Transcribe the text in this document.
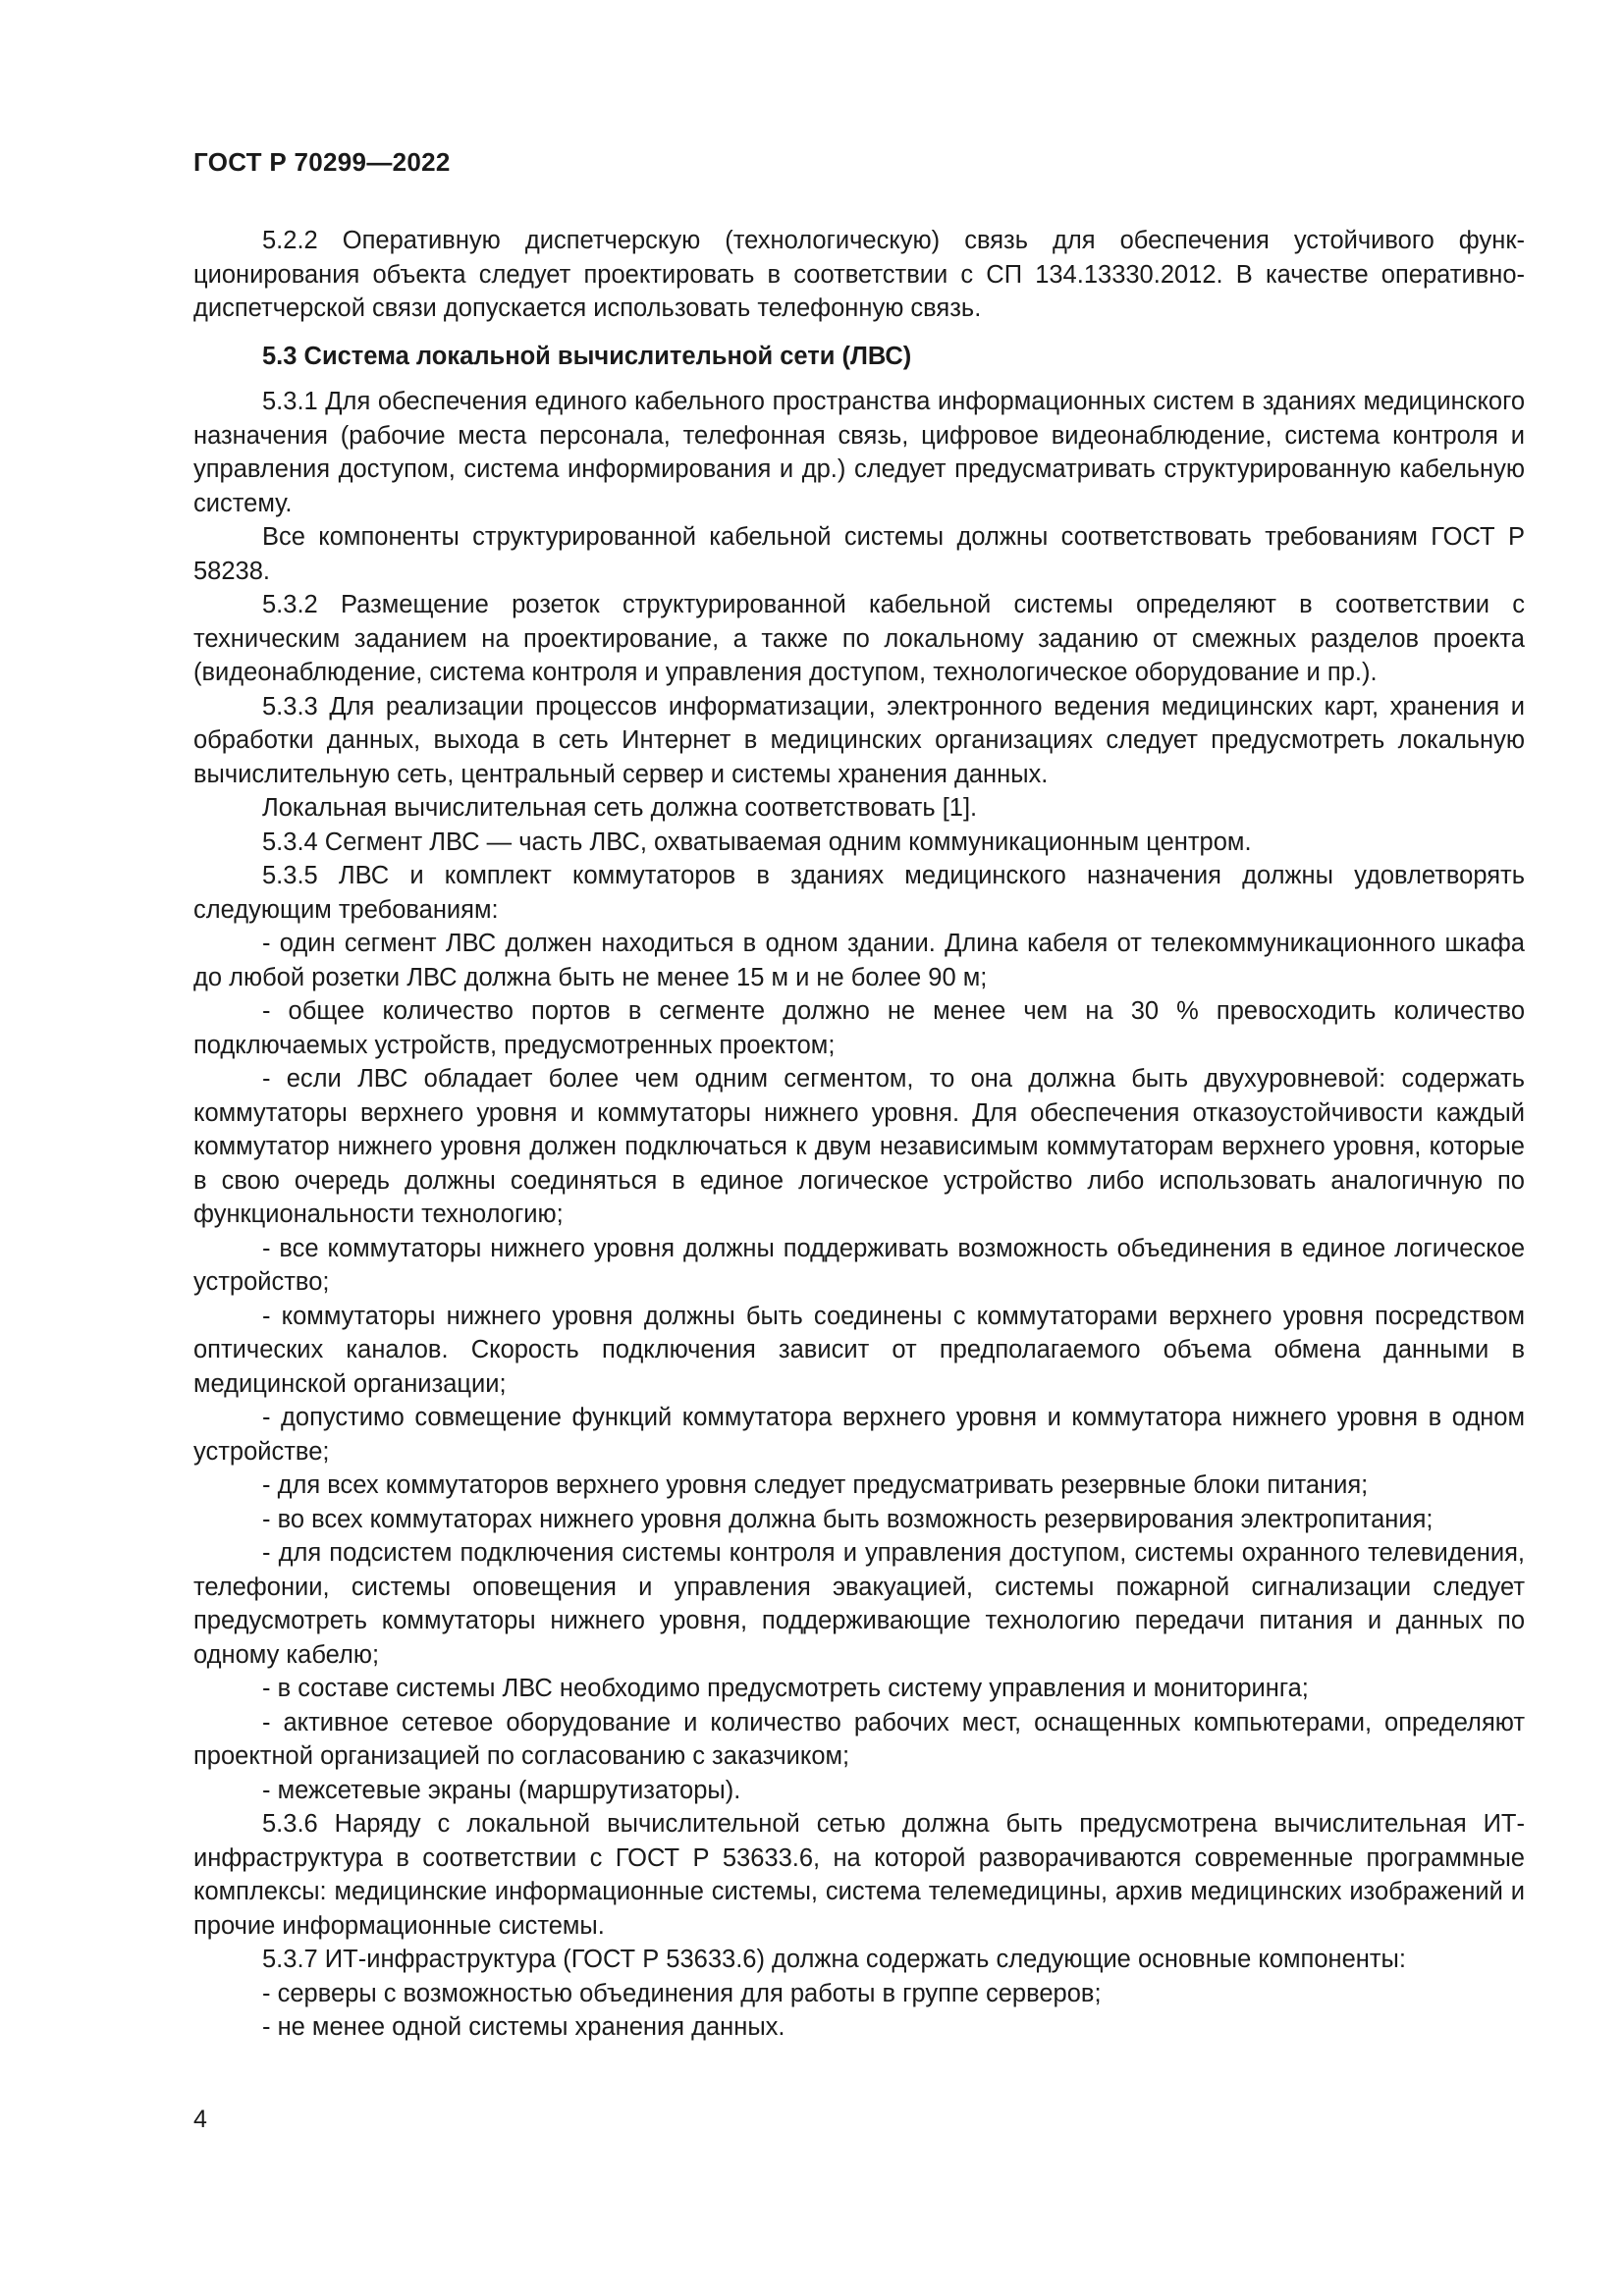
ГОСТ Р 70299—2022

5.2.2 Оперативную диспетчерскую (технологическую) связь для обеспечения устойчивого функционирования объекта следует проектировать в соответствии с СП 134.13330.2012. В качестве оперативно-диспетчерской связи допускается использовать телефонную связь.

5.3 Система локальной вычислительной сети (ЛВС)

5.3.1 Для обеспечения единого кабельного пространства информационных систем в зданиях медицинского назначения (рабочие места персонала, телефонная связь, цифровое видеонаблюдение, система контроля и управления доступом, система информирования и др.) следует предусматривать структурированную кабельную систему.

Все компоненты структурированной кабельной системы должны соответствовать требованиям ГОСТ Р 58238.

5.3.2 Размещение розеток структурированной кабельной системы определяют в соответствии с техническим заданием на проектирование, а также по локальному заданию от смежных разделов проекта (видеонаблюдение, система контроля и управления доступом, технологическое оборудование и пр.).

5.3.3 Для реализации процессов информатизации, электронного ведения медицинских карт, хранения и обработки данных, выхода в сеть Интернет в медицинских организациях следует предусмотреть локальную вычислительную сеть, центральный сервер и системы хранения данных.

Локальная вычислительная сеть должна соответствовать [1].

5.3.4 Сегмент ЛВС — часть ЛВС, охватываемая одним коммуникационным центром.

5.3.5 ЛВС и комплект коммутаторов в зданиях медицинского назначения должны удовлетворять следующим требованиям:

- один сегмент ЛВС должен находиться в одном здании. Длина кабеля от телекоммуникационного шкафа до любой розетки ЛВС должна быть не менее 15 м и не более 90 м;

- общее количество портов в сегменте должно не менее чем на 30 % превосходить количество подключаемых устройств, предусмотренных проектом;

- если ЛВС обладает более чем одним сегментом, то она должна быть двухуровневой: содержать коммутаторы верхнего уровня и коммутаторы нижнего уровня. Для обеспечения отказоустойчивости каждый коммутатор нижнего уровня должен подключаться к двум независимым коммутаторам верхнего уровня, которые в свою очередь должны соединяться в единое логическое устройство либо использовать аналогичную по функциональности технологию;

- все коммутаторы нижнего уровня должны поддерживать возможность объединения в единое логическое устройство;

- коммутаторы нижнего уровня должны быть соединены с коммутаторами верхнего уровня посредством оптических каналов. Скорость подключения зависит от предполагаемого объема обмена данными в медицинской организации;

- допустимо совмещение функций коммутатора верхнего уровня и коммутатора нижнего уровня в одном устройстве;

- для всех коммутаторов верхнего уровня следует предусматривать резервные блоки питания;

- во всех коммутаторах нижнего уровня должна быть возможность резервирования электропитания;

- для подсистем подключения системы контроля и управления доступом, системы охранного телевидения, телефонии, системы оповещения и управления эвакуацией, системы пожарной сигнализации следует предусмотреть коммутаторы нижнего уровня, поддерживающие технологию передачи питания и данных по одному кабелю;

- в составе системы ЛВС необходимо предусмотреть систему управления и мониторинга;

- активное сетевое оборудование и количество рабочих мест, оснащенных компьютерами, определяют проектной организацией по согласованию с заказчиком;

- межсетевые экраны (маршрутизаторы).

5.3.6 Наряду с локальной вычислительной сетью должна быть предусмотрена вычислительная ИТ-инфраструктура в соответствии с ГОСТ Р 53633.6, на которой разворачиваются современные программные комплексы: медицинские информационные системы, система телемедицины, архив медицинских изображений и прочие информационные системы.

5.3.7 ИТ-инфраструктура (ГОСТ Р 53633.6) должна содержать следующие основные компоненты:

- серверы с возможностью объединения для работы в группе серверов;

- не менее одной системы хранения данных.

4
